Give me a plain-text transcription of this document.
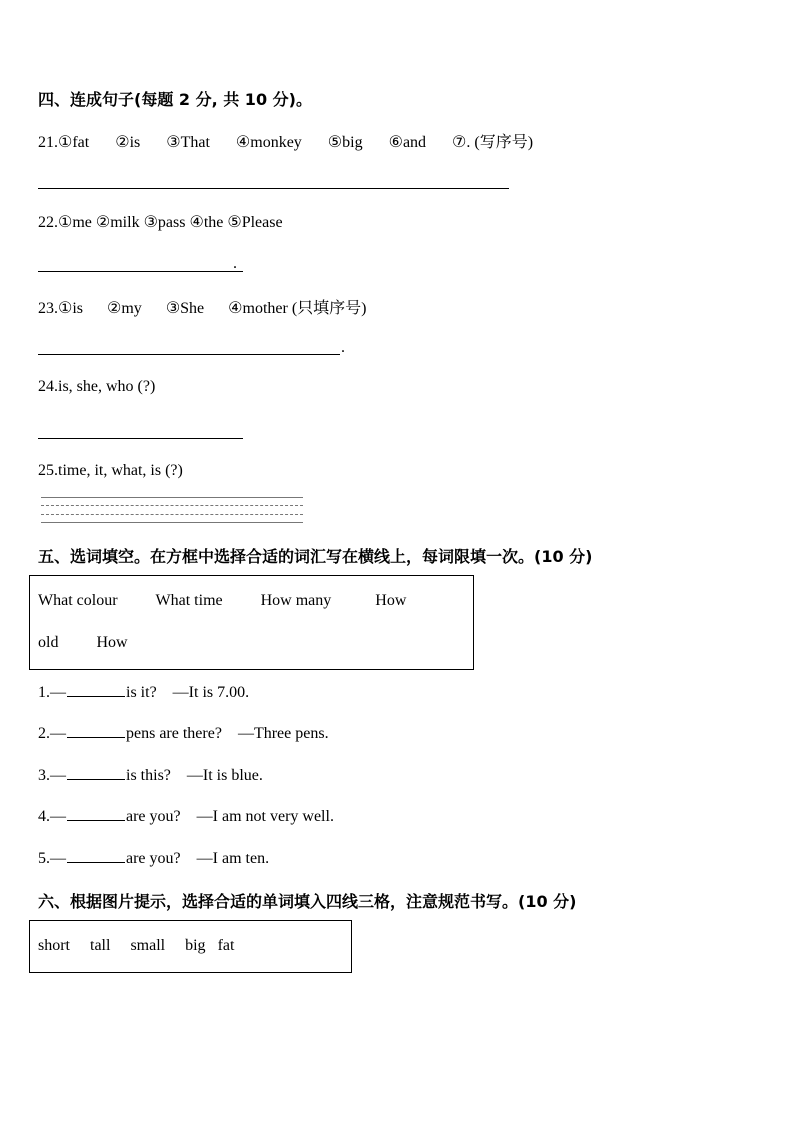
四、连成句子(每题 2 分, 共 10 分)。
21.①fat ②is ③That ④monkey ⑤big ⑥and ⑦. (写序号)
22.①me ②milk ③pass ④the ⑤Please
.
23.①is ②my ③She ④mother (只填序号)
.
24.is, she, who (?)
25.time, it, what, is (?)
五、选词填空。在方框中选择合适的词汇写在横线上，每词限填一次。(10 分)
What colour What time How many	How
old How
1.—	is it? —It is 7.00.
2.—	pens are there? —Three pens.
3.—	is this? —It is blue.
4.—	are you? —I am not very well.
5.—	are you? —I am ten.
六、根据图片提示，选择合适的单词填入四线三格，注意规范书写。(10 分)
short tall small big fat
